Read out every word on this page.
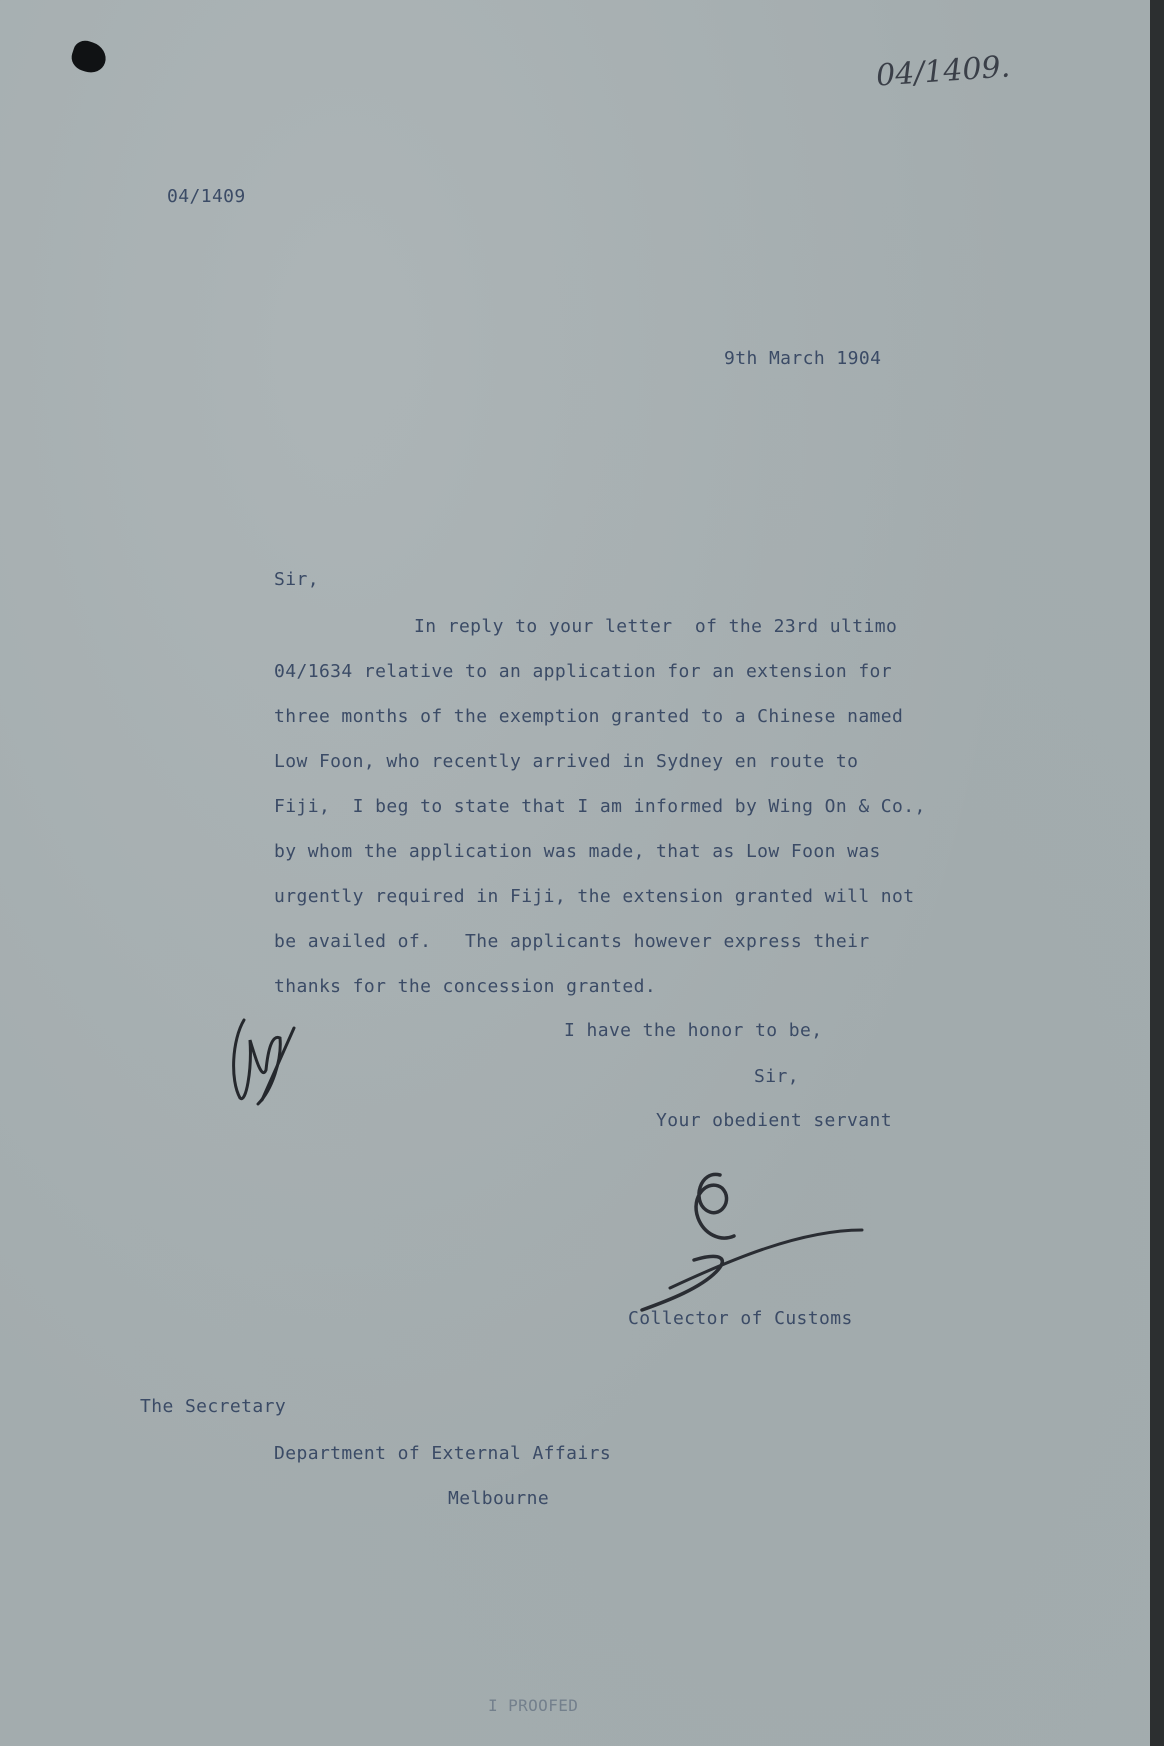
04/1409.
04/1409
9th March 1904
Sir,
In reply to your letter  of the 23rd ultimo
04/1634 relative to an application for an extension for
three months of the exemption granted to a Chinese named
Low Foon, who recently arrived in Sydney en route to
Fiji,  I beg to state that I am informed by Wing On & Co.,
by whom the application was made, that as Low Foon was
urgently required in Fiji, the extension granted will not
be availed of.   The applicants however express their
thanks for the concession granted.
I have the honor to be,
Sir,
Your obedient servant
Collector of Customs
The Secretary
Department of External Affairs
Melbourne
I PROOFED
